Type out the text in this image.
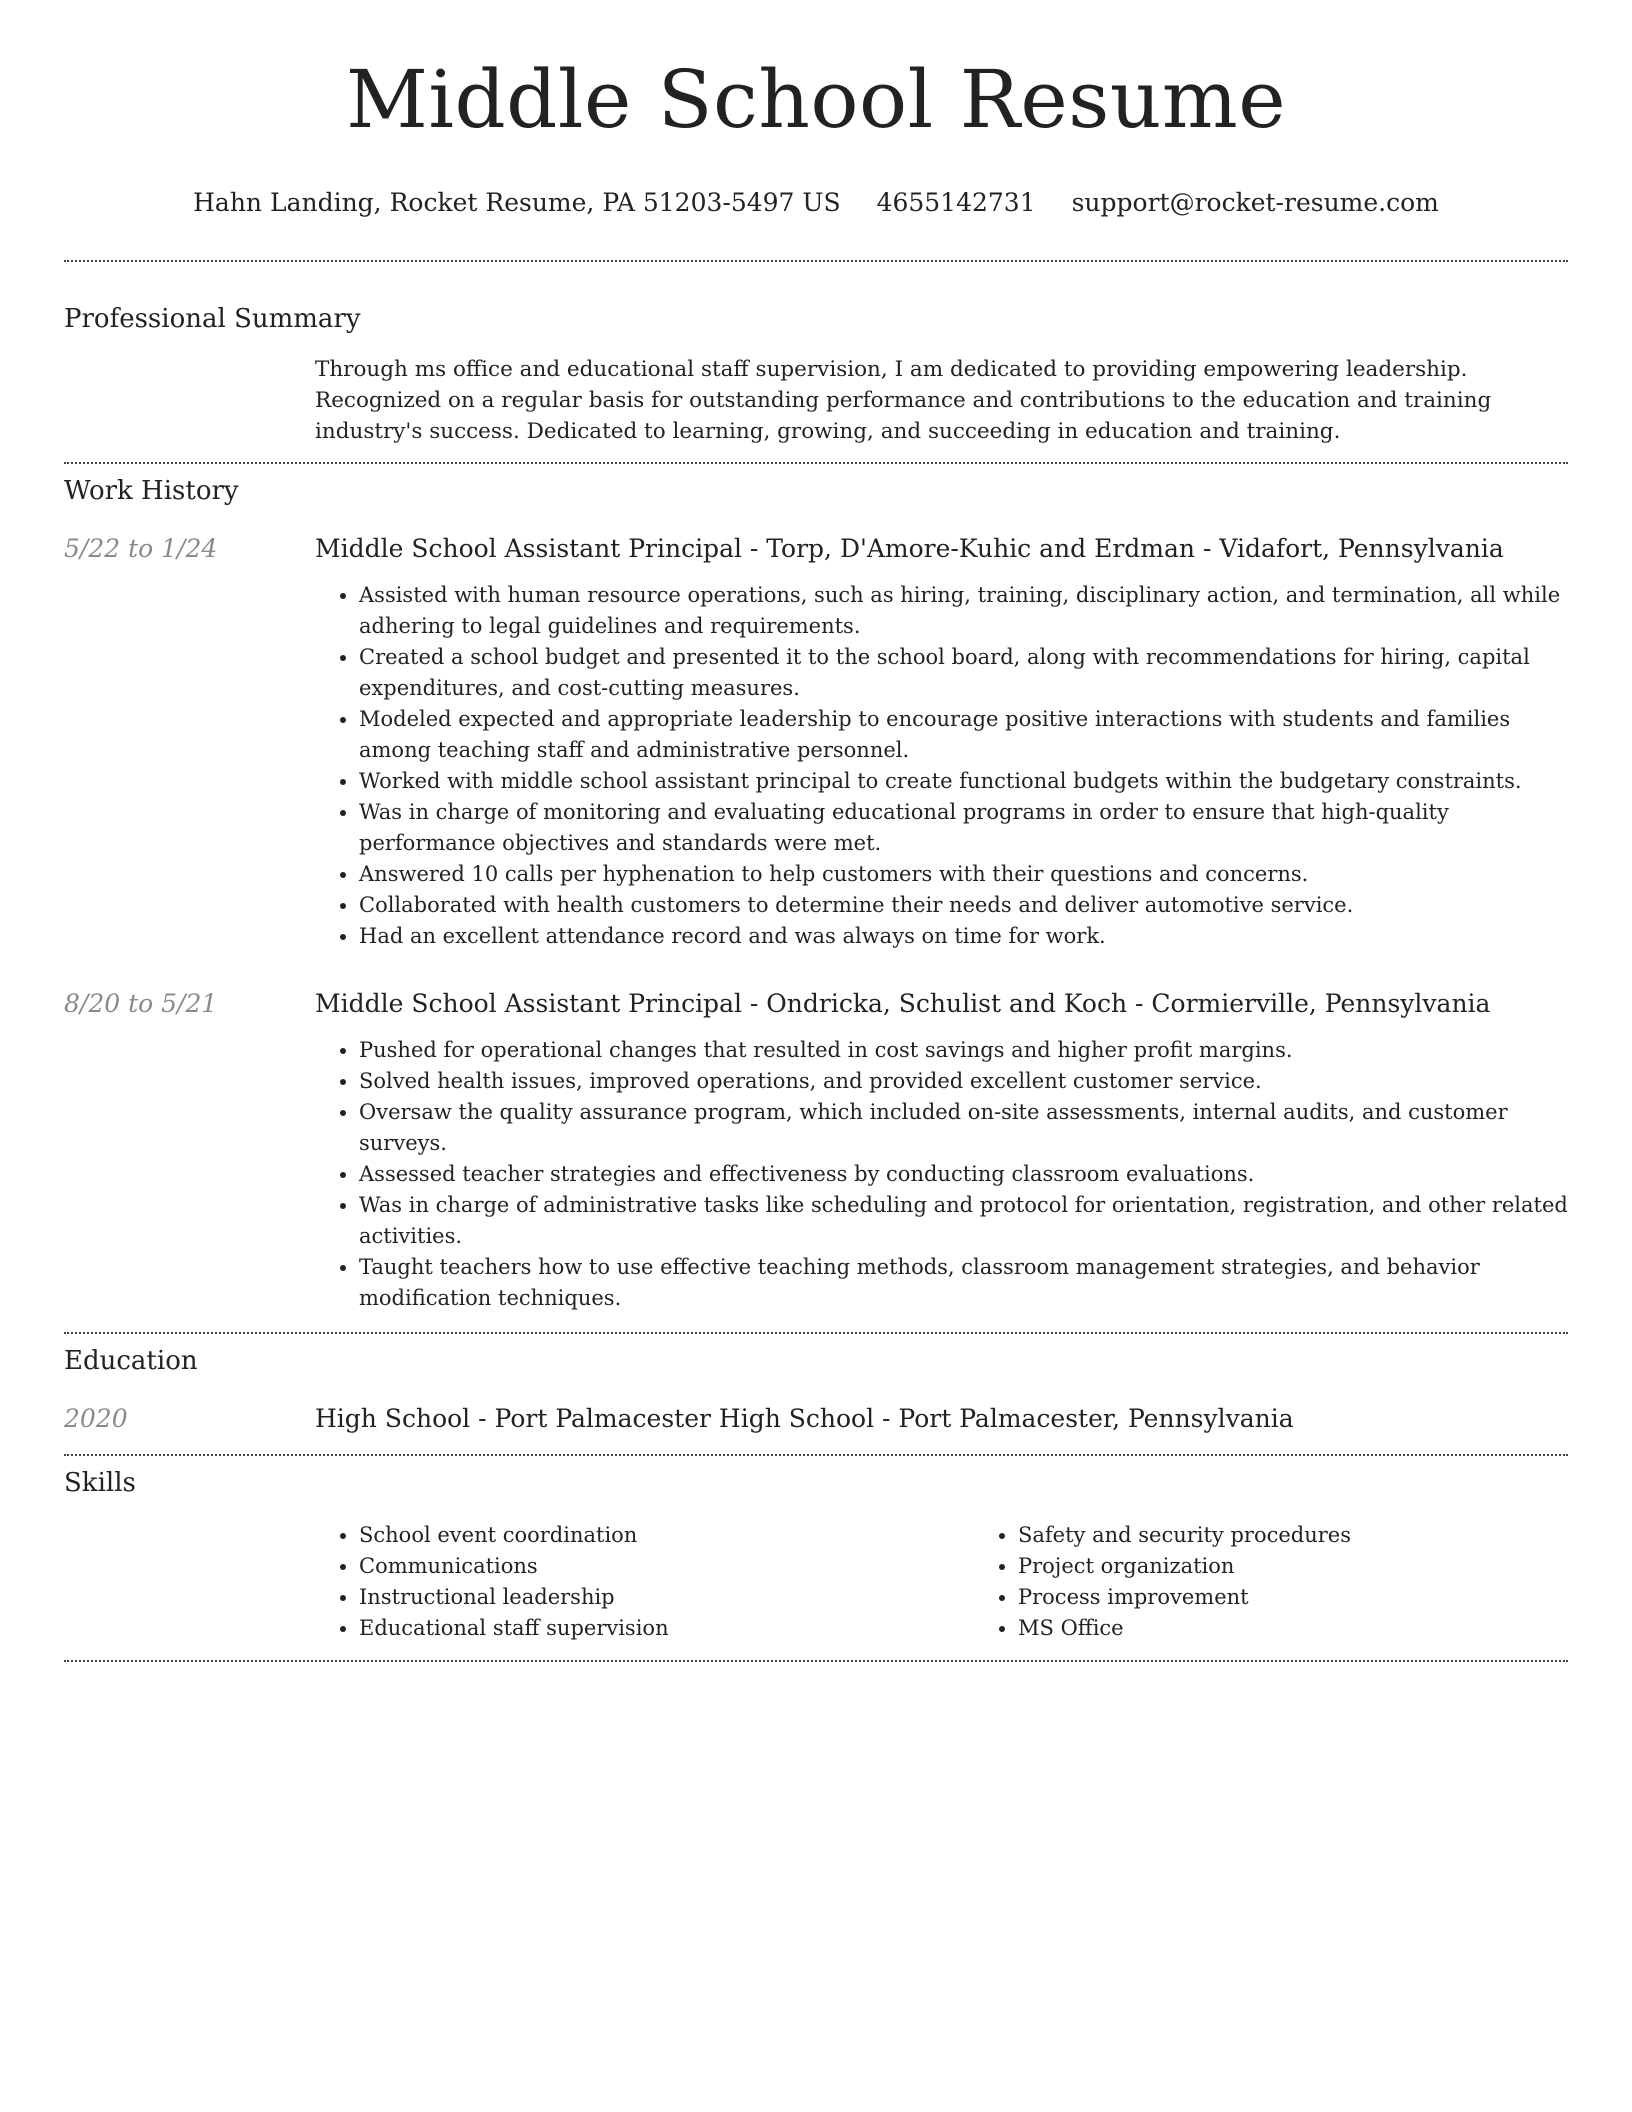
Middle School Resume
Hahn Landing, Rocket Resume, PA 51203-5497 US 4655142731 support@rocket-resume.com
Professional Summary

Through ms office and educational staff supervision, I am dedicated to providing empowering leadership. Recognized on a regular basis for outstanding performance and contributions to the education and training industry's success. Dedicated to learning, growing, and succeeding in education and training.

Work History
5/22 to 1/24	Middle School Assistant Principal - Torp, D'Amore-Kuhic and Erdman - Vidafort, Pennsylvania

• Assisted with human resource operations, such as hiring, training, disciplinary action, and termination, all while adhering to legal guidelines and requirements.
• Created a school budget and presented it to the school board, along with recommendations for hiring, capital expenditures, and cost-cutting measures.
• Modeled expected and appropriate leadership to encourage positive interactions with students and families among teaching staff and administrative personnel.
• Worked with middle school assistant principal to create functional budgets within the budgetary constraints.
• Was in charge of monitoring and evaluating educational programs in order to ensure that high-quality performance objectives and standards were met.
• Answered 10 calls per hyphenation to help customers with their questions and concerns.
• Collaborated with health customers to determine their needs and deliver automotive service.
• Had an excellent attendance record and was always on time for work.
8/20 to 5/21	Middle School Assistant Principal - Ondricka, Schulist and Koch - Cormierville, Pennsylvania

• Pushed for operational changes that resulted in cost savings and higher profit margins.
• Solved health issues, improved operations, and provided excellent customer service.
• Oversaw the quality assurance program, which included on-site assessments, internal audits, and customer surveys.
• Assessed teacher strategies and effectiveness by conducting classroom evaluations.
• Was in charge of administrative tasks like scheduling and protocol for orientation, registration, and other related activities.
• Taught teachers how to use effective teaching methods, classroom management strategies, and behavior modification techniques.
Education
2020	High School - Port Palmacester High School - Port Palmacester, Pennsylvania

Skills
• School event coordination
• Communications
• Instructional leadership
• Educational staff supervision
• Safety and security procedures
• Project organization
• Process improvement
• MS Office
